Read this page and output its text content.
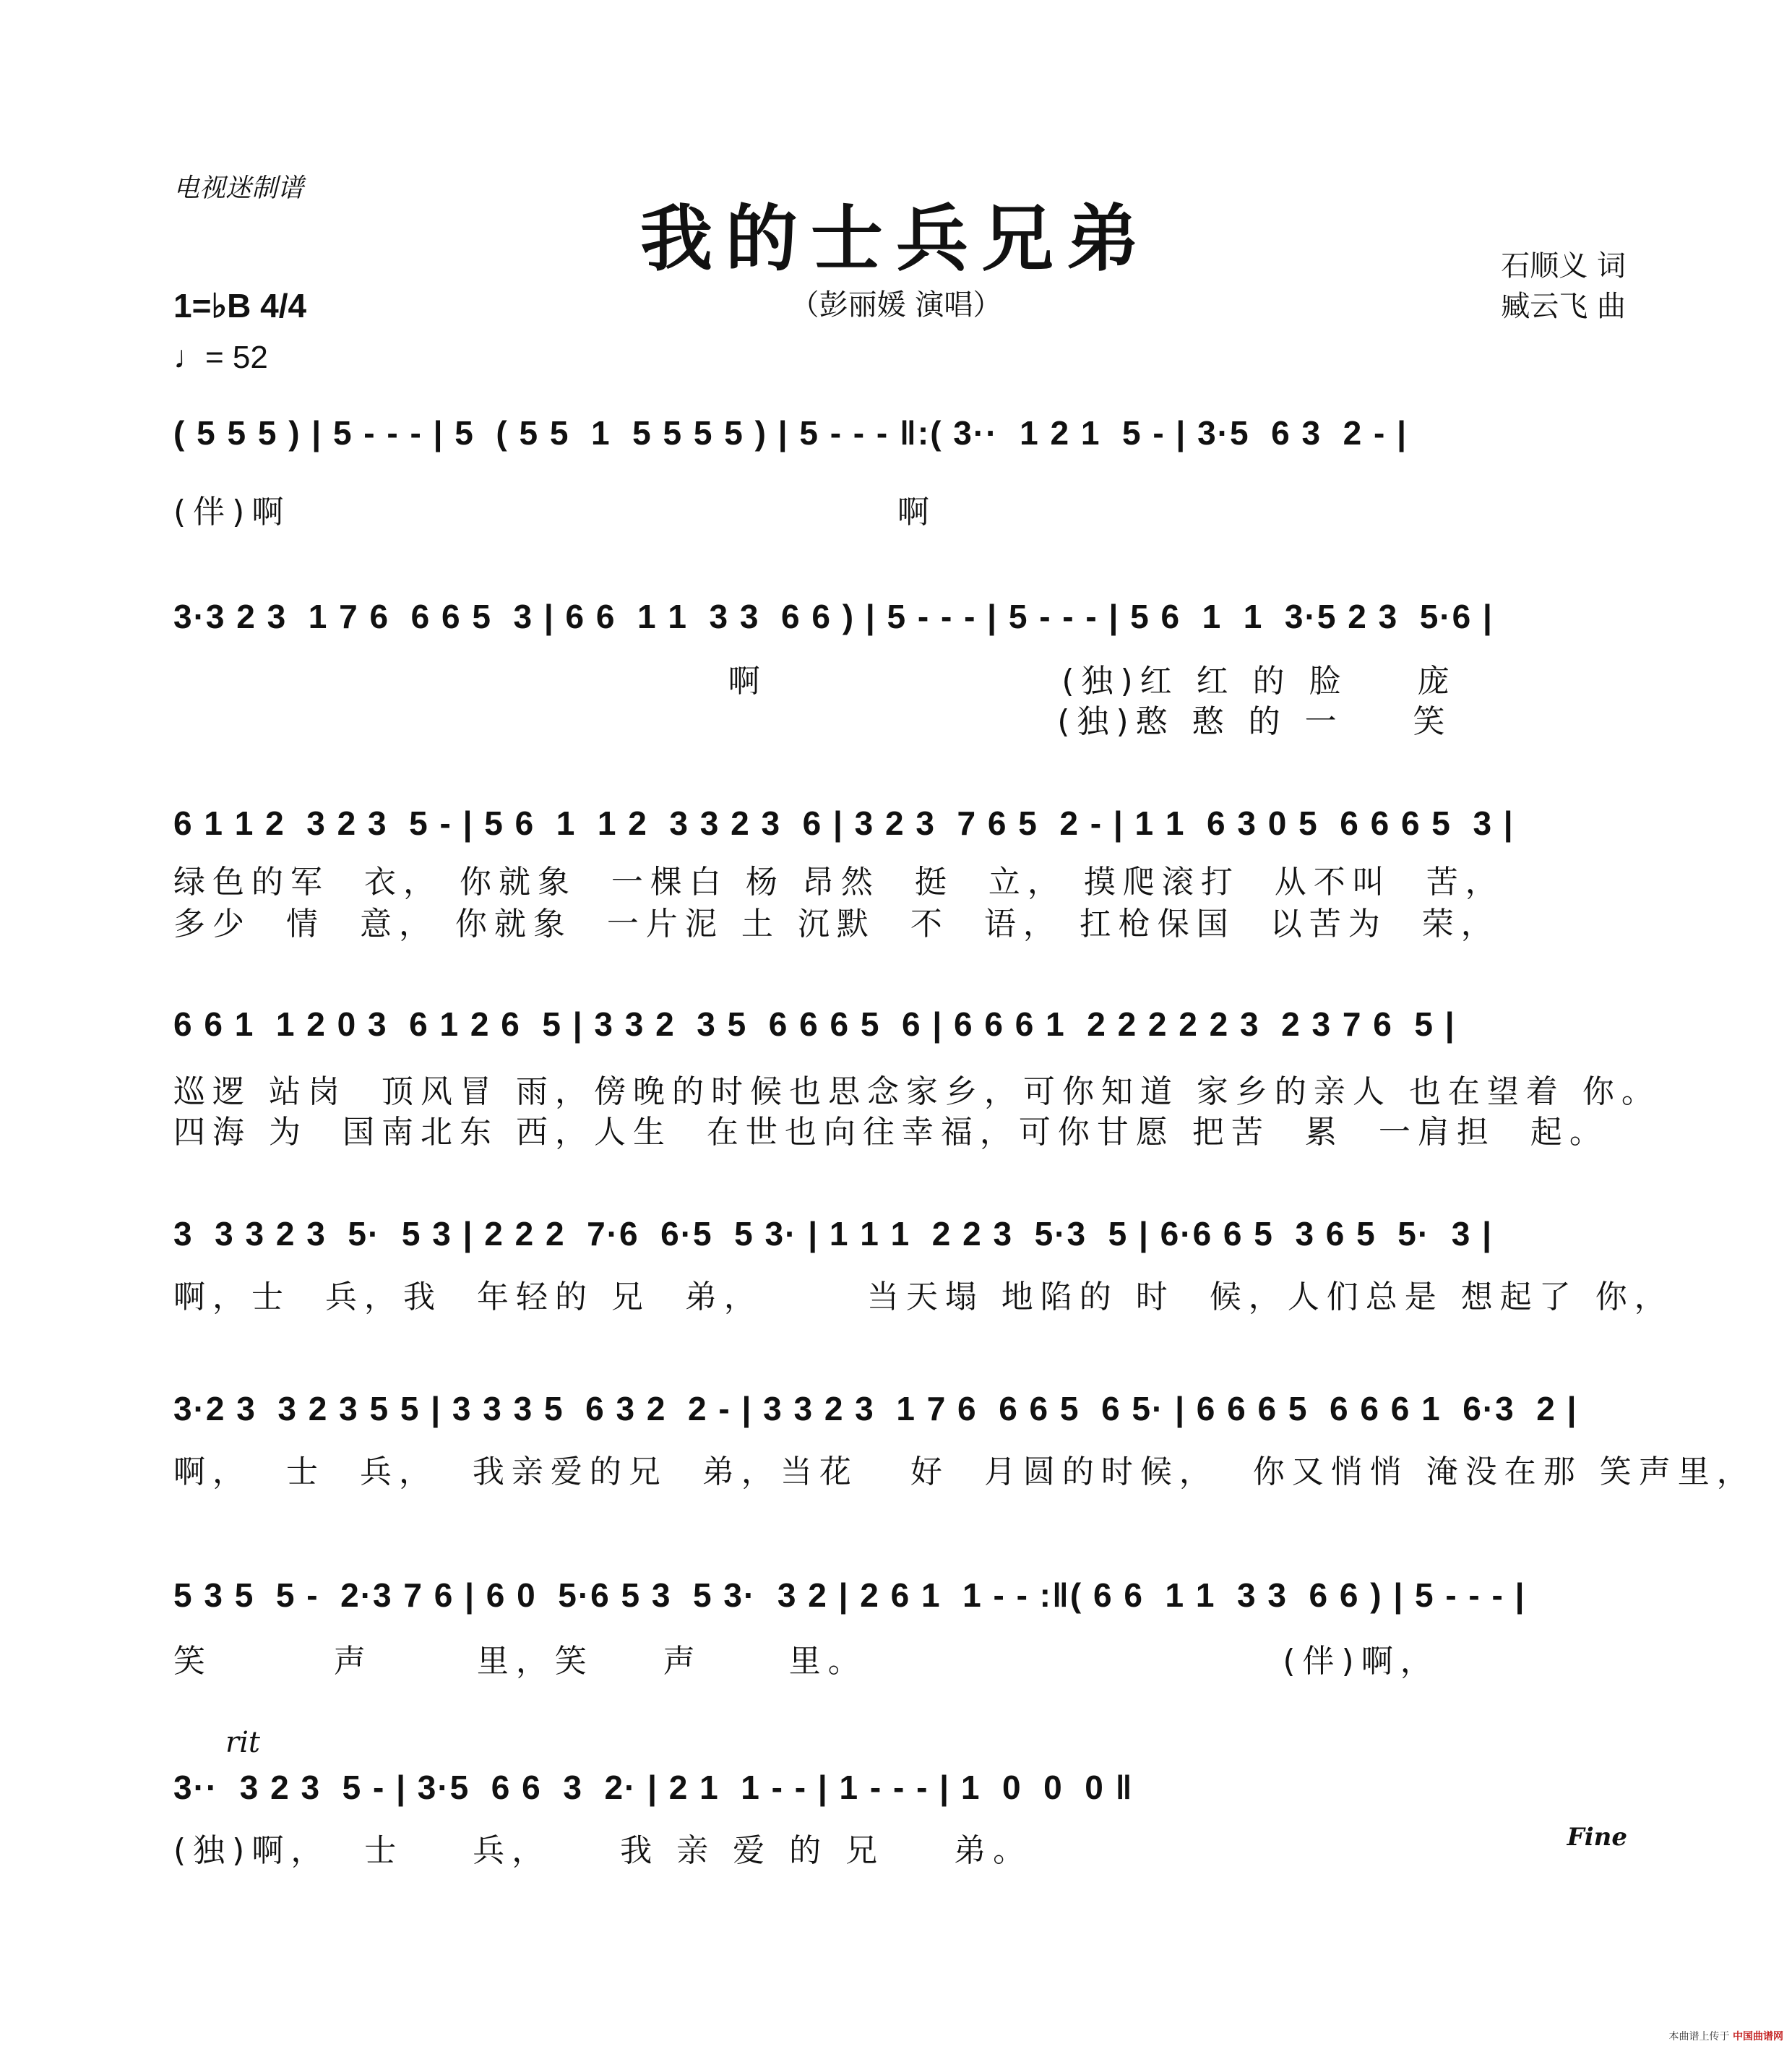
电视迷制谱
我的士兵兄弟
（彭丽媛 演唱）
石顺义 词
臧云飞 曲
1=♭B 4/4
♩= 52
( 5 5 5 ) | 5 - - - | 5  ( 5 5  1  5 5 5 5 ) | 5 - - - ‖:( 3··  1 2 1  5 - | 3·5  6 3  2 - |
(伴)啊                                   啊
3·3 2 3  1 7 6  6 6 5  3 | 6 6  1 1  3 3  6 6 ) | 5 - - - | 5 - - - | 5 6  1  1  3·5 2 3  5·6 |
啊                 (独)红 红 的 脸    庞
(独)憨 憨 的 一    笑
6 1 1 2  3 2 3  5 - | 5 6  1  1 2  3 3 2 3  6 | 3 2 3  7 6 5  2 - | 1 1  6 3 0 5  6 6 6 5  3 |
绿色的军  衣， 你就象  一棵白 杨 昂然  挺  立， 摸爬滚打  从不叫  苦，
多少  情  意， 你就象  一片泥 土 沉默  不  语， 扛枪保国  以苦为  荣，
6 6 1  1 2 0 3  6 1 2 6  5 | 3 3 2  3 5  6 6 6 5  6 | 6 6 6 1  2 2 2 2 2 3  2 3 7 6  5 |
巡逻 站岗  顶风冒 雨，傍晚的时候也思念家乡，可你知道 家乡的亲人 也在望着 你。
四海 为  国南北东 西，人生  在世也向往幸福，可你甘愿 把苦  累  一肩担  起。
3  3 3 2 3  5·  5 3 | 2 2 2  7·6  6·5  5 3· | 1 1 1  2 2 3  5·3  5 | 6·6 6 5  3 6 5  5·  3 |
啊，士  兵，我  年轻的 兄  弟，      当天塌 地陷的 时  候，人们总是 想起了 你，
3·2 3  3 2 3 5 5 | 3 3 3 5  6 3 2  2 - | 3 3 2 3  1 7 6  6 6 5  6 5· | 6 6 6 5  6 6 6 1  6·3  2 |
啊，  士  兵，  我亲爱的兄  弟，当花   好  月圆的时候，  你又悄悄 淹没在那 笑声里，
5 3 5  5 -  2·3 7 6 | 6 0  5·6 5 3  5 3·  3 2 | 2 6 1  1 - - :‖( 6 6  1 1  3 3  6 6 ) | 5 - - - |
笑       声      里，笑    声     里。                        (伴)啊，
rit
3··  3 2 3  5 - | 3·5  6 6  3  2· | 2 1  1 - - | 1 - - - | 1  0  0  0 ‖
(独)啊，  士    兵，    我 亲 爱 的 兄    弟。	Fine
本曲谱上传于 中国曲谱网
